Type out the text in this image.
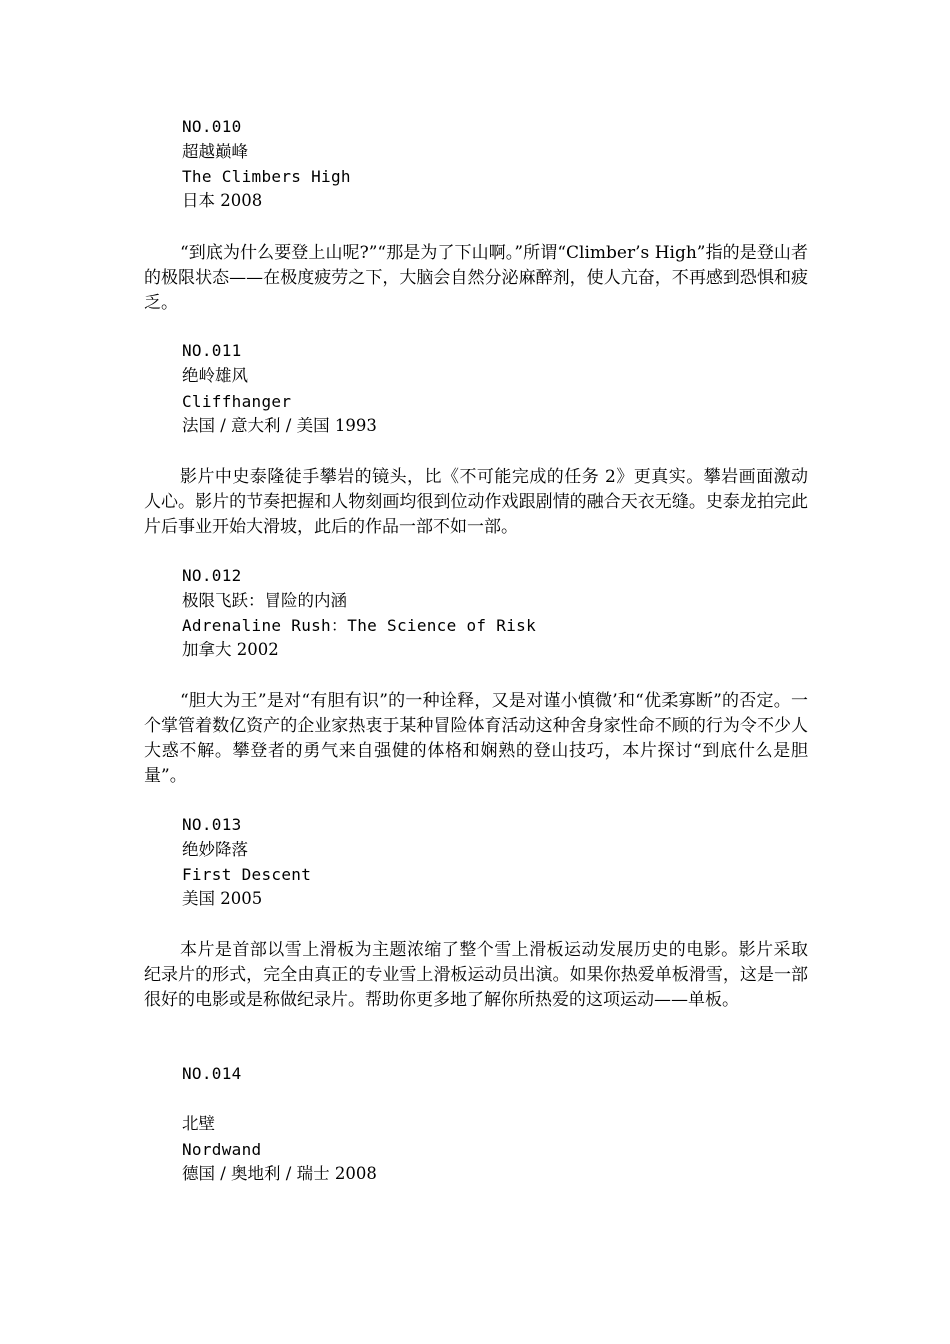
NO.010
超越巅峰
The Climbers High
日本 2008

“到底为什么要登上山呢?”“那是为了下山啊。”所谓“Climber’s High”指的是登山者的极限状态——在极度疲劳之下，大脑会自然分泌麻醉剂，使人亢奋，不再感到恐惧和疲乏。

NO.011
绝岭雄风
Cliffhanger
法国 / 意大利 / 美国 1993

影片中史泰隆徒手攀岩的镜头，比《不可能完成的任务 2》更真实。攀岩画面激动人心。影片的节奏把握和人物刻画均很到位动作戏跟剧情的融合天衣无缝。史泰龙拍完此片后事业开始大滑坡，此后的作品一部不如一部。

NO.012
极限飞跃：冒险的内涵
Adrenaline Rush：The Science of Risk
加拿大 2002

“胆大为王”是对“有胆有识”的一种诠释，又是对谨小慎微’和“优柔寡断”的否定。一个掌管着数亿资产的企业家热衷于某种冒险体育活动这种舍身家性命不顾的行为令不少人大惑不解。攀登者的勇气来自强健的体格和娴熟的登山技巧，本片探讨“到底什么是胆量”。

NO.013
绝妙降落
First Descent
美国 2005

本片是首部以雪上滑板为主题浓缩了整个雪上滑板运动发展历史的电影。影片采取纪录片的形式，完全由真正的专业雪上滑板运动员出演。如果你热爱单板滑雪，这是一部很好的电影或是称做纪录片。帮助你更多地了解你所热爱的这项运动——单板。

NO.014
北壁
Nordwand
德国 / 奥地利 / 瑞士 2008
